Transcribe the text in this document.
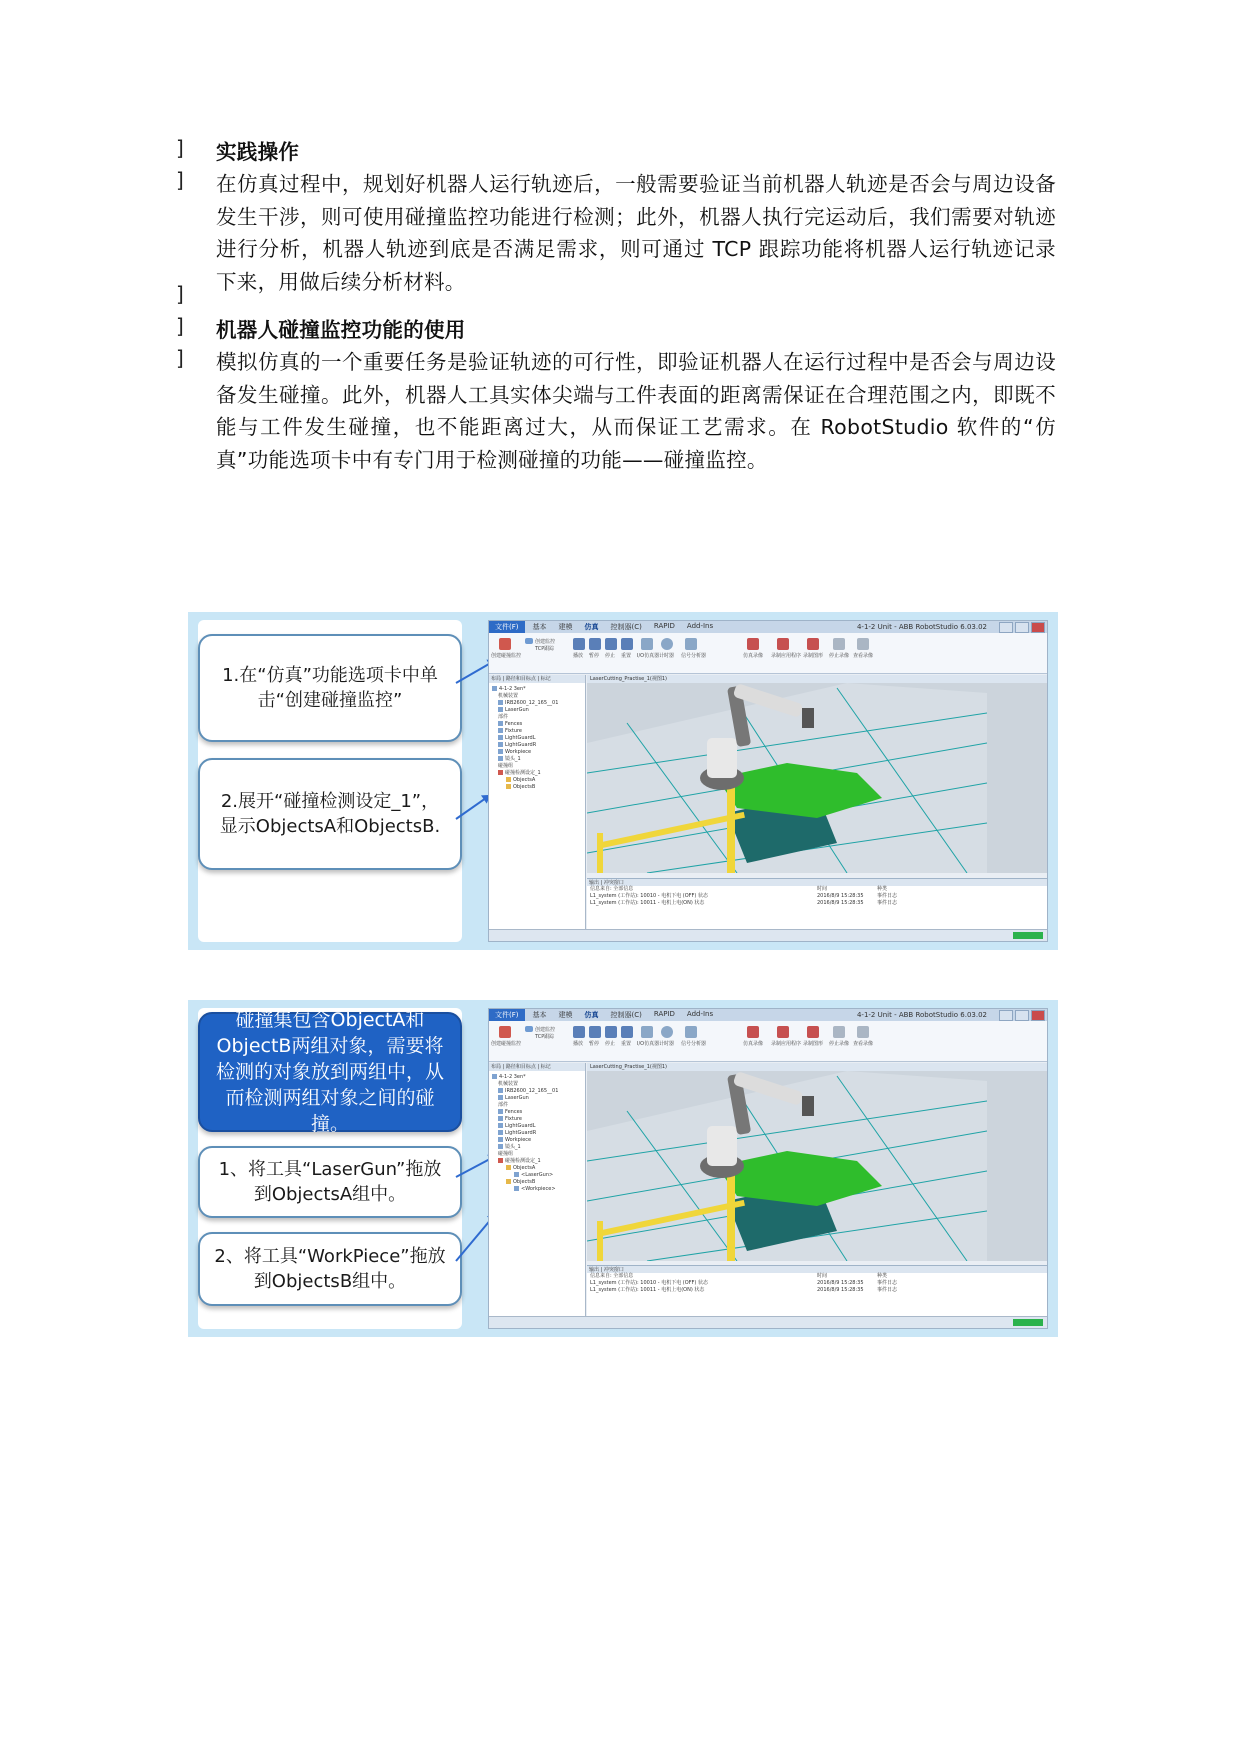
] 实践操作
] 在仿真过程中，规划好机器人运行轨迹后，一般需要验证当前机器人轨迹是否会与周边设备发生干涉，则可使用碰撞监控功能进行检测；此外，机器人执行完运动后，我们需要对轨迹进行分析，机器人轨迹到底是否满足需求，则可通过 TCP 跟踪功能将机器人运行轨迹记录下来，用做后续分析材料。
]
] 机器人碰撞监控功能的使用
] 模拟仿真的一个重要任务是验证轨迹的可行性，即验证机器人在运行过程中是否会与周边设备发生碰撞。此外，机器人工具实体尖端与工件表面的距离需保证在合理范围之内，即既不能与工件发生碰撞，也不能距离过大，从而保证工艺需求。在 RobotStudio 软件的“仿真”功能选项卡中有专门用于检测碰撞的功能——碰撞监控。
1.在“仿真”功能选项卡中单击“创建碰撞监控”
2.展开“碰撞检测设定_1”，显示ObjectsA和ObjectsB.
文件(F)	基本 建模 仿真 控制器(C) RAPID Add-Ins	4-1-2 Unit - ABB RobotStudio 6.03.02
创建碰撞监控
创建监控
TCP跟踪
播放 暂停 停止 重置 I/O仿真器 计时器 信号分析器	仿真录像 录制应用程序 录制图形 停止录像 查看录像
布局 | 路径和目标点 | 标记
4-1-2 3en*
机械装置
IRB2600_12_165__01
LaserGun
部件
Fences
Fixture
LightGuardL
LightGuardR
Workpiece
镜头_1
碰撞组
碰撞检测设定_1
ObjectsA
ObjectsB
LaserCutting_Practise_1(视图1)
输出 | 冲突窗口
信息来自: 全部信息	时间	种类
L1_system (工作站): 10010 - 电机下电 (OFF) 状态	2016/8/9 15:28:35	事件日志
L1_system (工作站): 10011 - 电机上电(ON) 状态	2016/8/9 15:28:35	事件日志
碰撞集包含ObjectA和ObjectB两组对象，需要将检测的对象放到两组中，从而检测两组对象之间的碰撞。
1、将工具“LaserGun”拖放到ObjectsA组中。
2、将工具“WorkPiece”拖放到ObjectsB组中。
文件(F)	基本 建模 仿真 控制器(C) RAPID Add-Ins	4-1-2 Unit - ABB RobotStudio 6.03.02
创建碰撞监控
创建监控
TCP跟踪
播放 暂停 停止 重置 I/O仿真器 计时器 信号分析器	仿真录像 录制应用程序 录制图形 停止录像 查看录像
布局 | 路径和目标点 | 标记
4-1-2 3en*
机械装置
IRB2600_12_165__01
LaserGun
部件
Fences
Fixture
LightGuardL
LightGuardR
Workpiece
镜头_1
碰撞组
碰撞检测设定_1
ObjectsA
<LaserGun>
ObjectsB
<Workpiece>
LaserCutting_Practise_1(视图1)
输出 | 冲突窗口
信息来自: 全部信息	时间	种类
L1_system (工作站): 10010 - 电机下电 (OFF) 状态	2016/8/9 15:28:35	事件日志
L1_system (工作站): 10011 - 电机上电(ON) 状态	2016/8/9 15:28:35	事件日志
